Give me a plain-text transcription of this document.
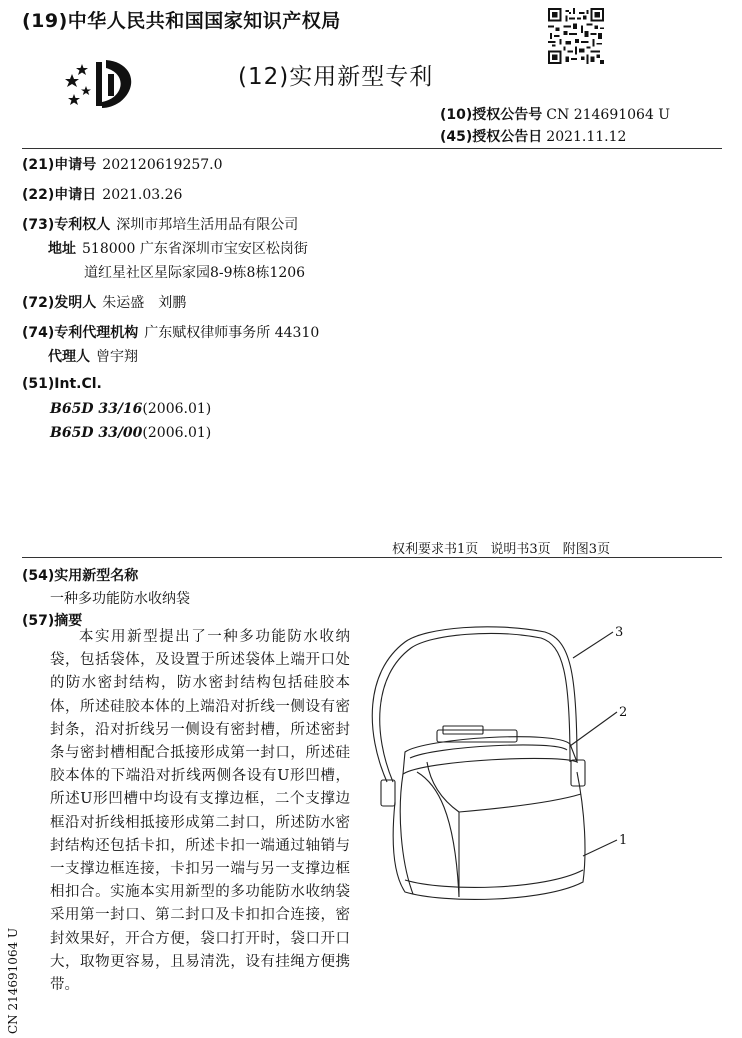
(19)中华人民共和国国家知识产权局
(12)实用新型专利
(10)授权公告号 CN 214691064 U
(45)授权公告日 2021.11.12
(21)申请号 202120619257.0
(22)申请日 2021.03.26
(73)专利权人 深圳市邦培生活用品有限公司
地址 518000 广东省深圳市宝安区松岗街
道红星社区星际家园8-9栋8栋1206
(72)发明人 朱运盛　刘鹏
(74)专利代理机构 广东赋权律师事务所 44310
代理人 曾宇翔
(51)Int.Cl.
B65D 33/16(2006.01)
B65D 33/00(2006.01)
权利要求书1页 说明书3页 附图3页
(54)实用新型名称
一种多功能防水收纳袋
(57)摘要
本实用新型提出了一种多功能防水收纳袋，包括袋体，及设置于所述袋体上端开口处的防水密封结构，防水密封结构包括硅胶本体，所述硅胶本体的上端沿对折线一侧设有密封条，沿对折线另一侧设有密封槽，所述密封条与密封槽相配合抵接形成第一封口，所述硅胶本体的下端沿对折线两侧各设有U形凹槽，所述U形凹槽中均设有支撑边框，二个支撑边框沿对折线相抵接形成第二封口，所述防水密封结构还包括卡扣，所述卡扣一端通过轴销与一支撑边框连接，卡扣另一端与另一支撑边框相扣合。实施本实用新型的多功能防水收纳袋采用第一封口、第二封口及卡扣扣合连接，密封效果好，开合方便，袋口打开时，袋口开口大，取物更容易，且易清洗，设有挂绳方便携带。
3
2
1
CN 214691064 U
